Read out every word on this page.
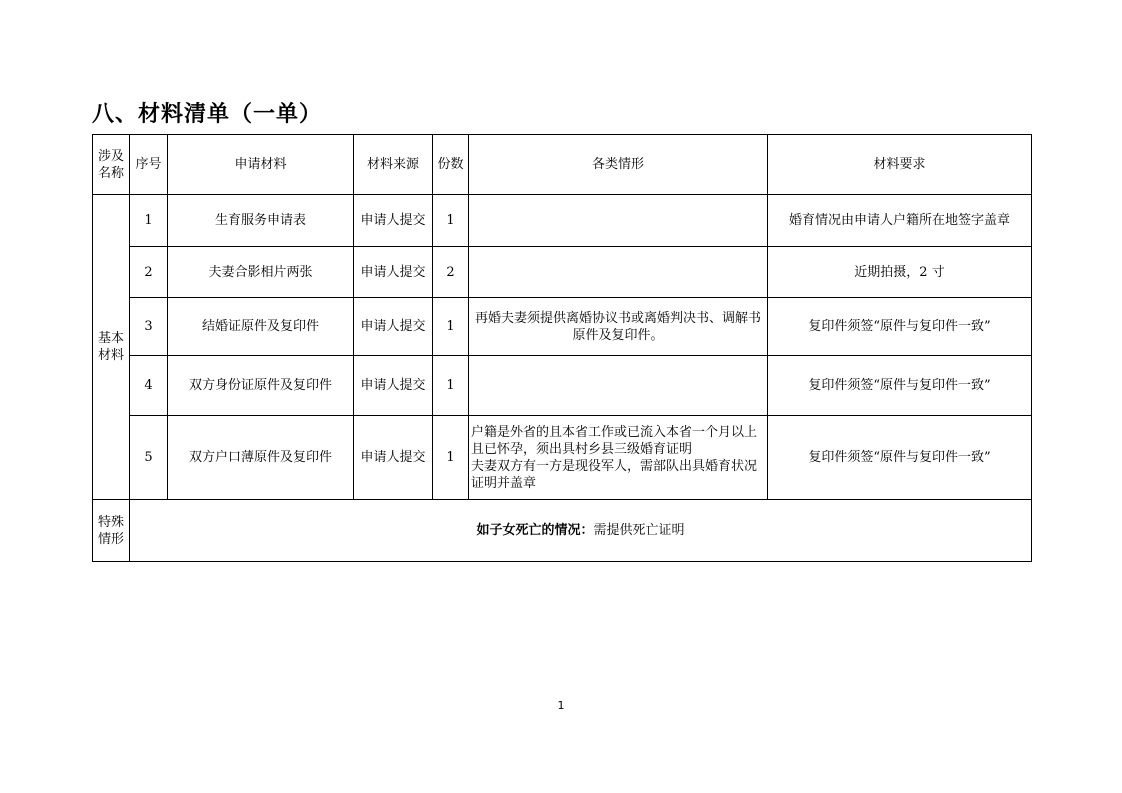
八、材料清单（一单）
涉及名称	序号	申请材料	材料来源	份数	各类情形	材料要求
基本材料	1	生育服务申请表	申请人提交	1		婚育情况由申请人户籍所在地签字盖章
	2	夫妻合影相片两张	申请人提交	2		近期拍摄，2 寸
	3	结婚证原件及复印件	申请人提交	1	再婚夫妻须提供离婚协议书或离婚判决书、调解书原件及复印件。	复印件须签“原件与复印件一致”
	4	双方身份证原件及复印件	申请人提交	1		复印件须签“原件与复印件一致”
	5	双方户口薄原件及复印件	申请人提交	1	户籍是外省的且本省工作或已流入本省一个月以上且已怀孕，须出具村乡县三级婚育证明
夫妻双方有一方是现役军人，需部队出具婚育状况证明并盖章	复印件须签“原件与复印件一致”
特殊情形	如子女死亡的情况：需提供死亡证明					
1
